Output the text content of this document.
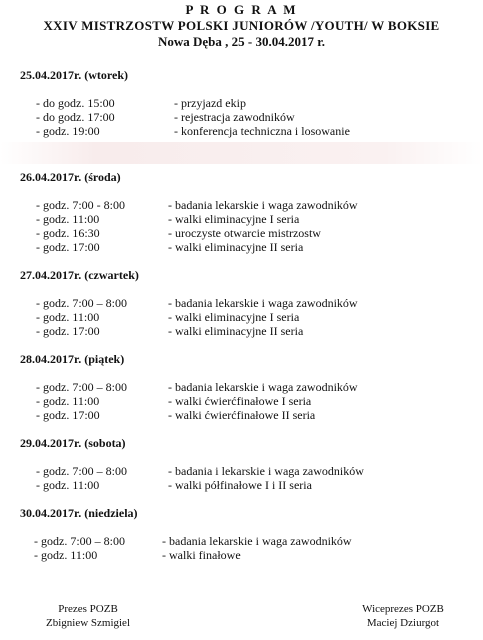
P R O G R A M
XXIV MISTRZOSTW POLSKI JUNIORÓW /YOUTH/ W BOKSIE
Nowa Dęba , 25 - 30.04.2017 r.
25.04.2017r. (wtorek)
- do godz. 15:00	- przyjazd ekip
- do godz. 17:00	- rejestracja zawodników
- godz. 19:00	- konferencja techniczna i losowanie
26.04.2017r. (środa)
- godz. 7:00 - 8:00	- badania lekarskie i waga zawodników
- godz. 11:00	- walki eliminacyjne I seria
- godz. 16:30	- uroczyste otwarcie mistrzostw
- godz. 17:00	- walki eliminacyjne II seria
27.04.2017r. (czwartek)
- godz. 7:00 – 8:00	- badania lekarskie i waga zawodników
- godz. 11:00	- walki eliminacyjne I seria
- godz. 17:00	- walki eliminacyjne II seria
28.04.2017r. (piątek)
- godz. 7:00 – 8:00	- badania lekarskie i waga zawodników
- godz. 11:00	- walki ćwierćfinałowe I seria
- godz. 17:00	- walki ćwierćfinałowe II seria
29.04.2017r. (sobota)
- godz. 7:00 – 8:00	- badania i lekarskie i waga zawodników
- godz. 11:00	- walki półfinałowe I i II seria
30.04.2017r. (niedziela)
- godz. 7:00 – 8:00	- badania lekarskie i waga zawodników
- godz. 11:00	- walki finałowe
Prezes POZB
Zbigniew Szmigiel
Wiceprezes POZB
Maciej Dziurgot
